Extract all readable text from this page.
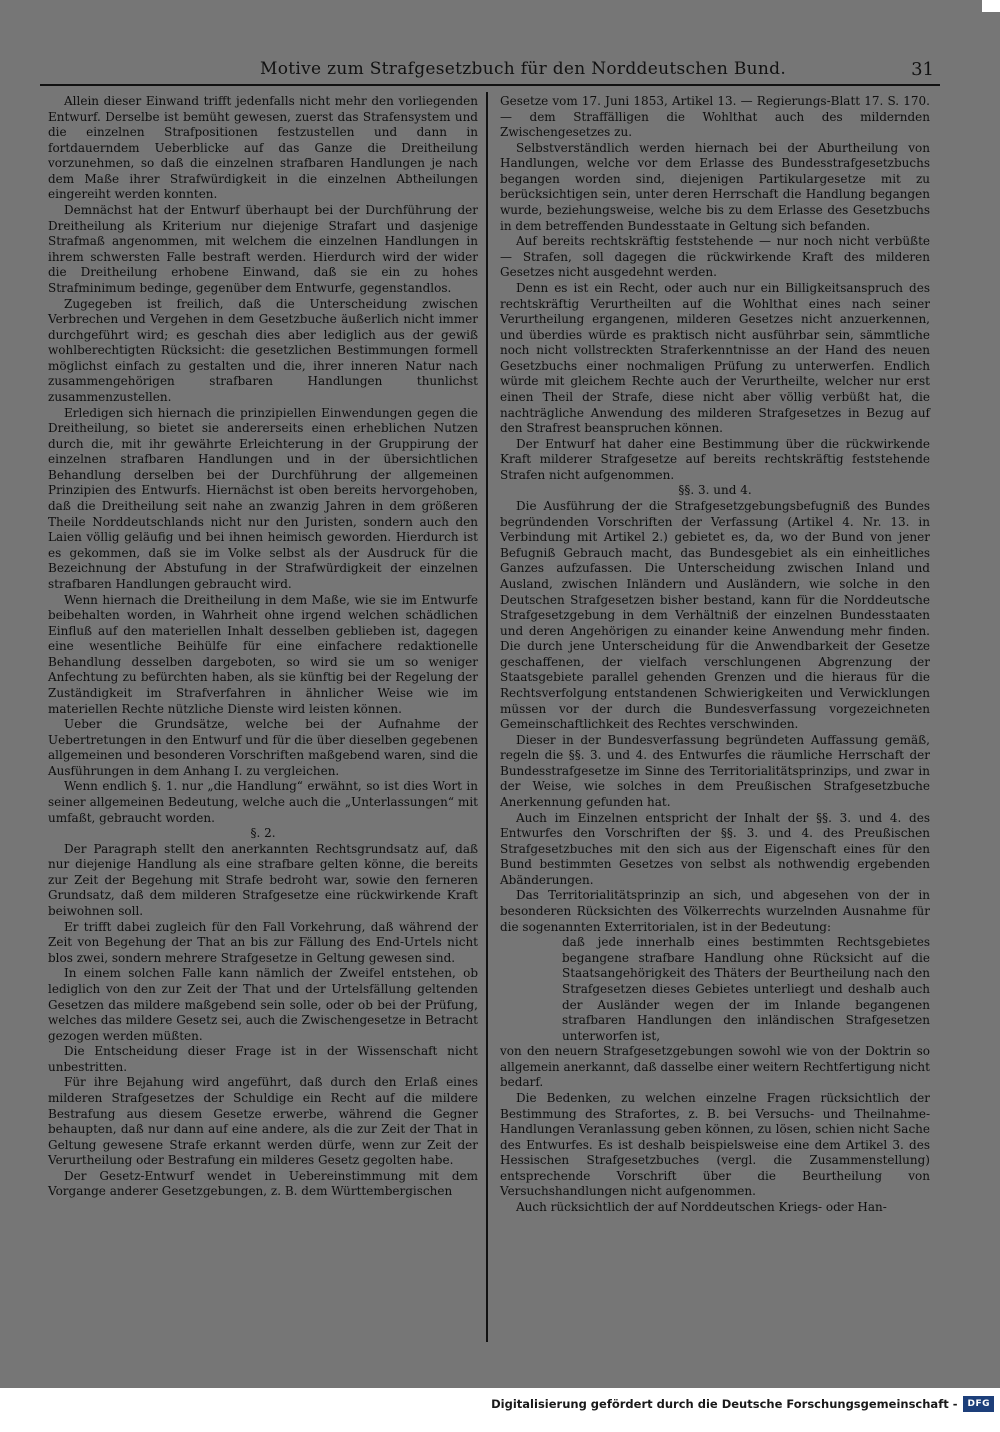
Motive zum Strafgesetzbuch für den Norddeutschen Bund.	31

Allein dieser Einwand trifft jedenfalls nicht mehr den vorliegenden Entwurf. Derselbe ist bemüht gewesen, zuerst das Strafensystem und die einzelnen Strafpositionen festzustellen und dann in fortdauerndem Ueberblicke auf das Ganze die Dreitheilung vorzunehmen, so daß die einzelnen strafbaren Handlungen je nach dem Maße ihrer Strafwürdigkeit in die einzelnen Abtheilungen eingereiht werden konnten.

Demnächst hat der Entwurf überhaupt bei der Durchführung der Dreitheilung als Kriterium nur diejenige Strafart und dasjenige Strafmaß angenommen, mit welchem die einzelnen Handlungen in ihrem schwersten Falle bestraft werden. Hierdurch wird der wider die Dreitheilung erhobene Einwand, daß sie ein zu hohes Strafminimum bedinge, gegenüber dem Entwurfe, gegenstandlos.

Zugegeben ist freilich, daß die Unterscheidung zwischen Verbrechen und Vergehen in dem Gesetzbuche äußerlich nicht immer durchgeführt wird; es geschah dies aber lediglich aus der gewiß wohlberechtigten Rücksicht: die gesetzlichen Bestimmungen formell möglichst einfach zu gestalten und die, ihrer inneren Natur nach zusammengehörigen strafbaren Handlungen thunlichst zusammenzustellen.

Erledigen sich hiernach die prinzipiellen Einwendungen gegen die Dreitheilung, so bietet sie andererseits einen erheblichen Nutzen durch die, mit ihr gewährte Erleichterung in der Gruppirung der einzelnen strafbaren Handlungen und in der übersichtlichen Behandlung derselben bei der Durchführung der allgemeinen Prinzipien des Entwurfs. Hiernächst ist oben bereits hervorgehoben, daß die Dreitheilung seit nahe an zwanzig Jahren in dem größeren Theile Norddeutschlands nicht nur den Juristen, sondern auch den Laien völlig geläufig und bei ihnen heimisch geworden. Hierdurch ist es gekommen, daß sie im Volke selbst als der Ausdruck für die Bezeichnung der Abstufung in der Strafwürdigkeit der einzelnen strafbaren Handlungen gebraucht wird.

Wenn hiernach die Dreitheilung in dem Maße, wie sie im Entwurfe beibehalten worden, in Wahrheit ohne irgend welchen schädlichen Einfluß auf den materiellen Inhalt desselben geblieben ist, dagegen eine wesentliche Beihülfe für eine einfachere redaktionelle Behandlung desselben dargeboten, so wird sie um so weniger Anfechtung zu befürchten haben, als sie künftig bei der Regelung der Zuständigkeit im Strafverfahren in ähnlicher Weise wie im materiellen Rechte nützliche Dienste wird leisten können.

Ueber die Grundsätze, welche bei der Aufnahme der Uebertretungen in den Entwurf und für die über dieselben gegebenen allgemeinen und besonderen Vorschriften maßgebend waren, sind die Ausführungen in dem Anhang I. zu vergleichen.

Wenn endlich §. 1. nur „die Handlung“ erwähnt, so ist dies Wort in seiner allgemeinen Bedeutung, welche auch die „Unterlassungen“ mit umfaßt, gebraucht worden.

§. 2.

Der Paragraph stellt den anerkannten Rechtsgrundsatz auf, daß nur diejenige Handlung als eine strafbare gelten könne, die bereits zur Zeit der Begehung mit Strafe bedroht war, sowie den ferneren Grundsatz, daß dem milderen Strafgesetze eine rückwirkende Kraft beiwohnen soll.

Er trifft dabei zugleich für den Fall Vorkehrung, daß während der Zeit von Begehung der That an bis zur Fällung des End-Urtels nicht blos zwei, sondern mehrere Strafgesetze in Geltung gewesen sind.

In einem solchen Falle kann nämlich der Zweifel entstehen, ob lediglich von den zur Zeit der That und der Urtelsfällung geltenden Gesetzen das mildere maßgebend sein solle, oder ob bei der Prüfung, welches das mildere Gesetz sei, auch die Zwischengesetze in Betracht gezogen werden müßten.

Die Entscheidung dieser Frage ist in der Wissenschaft nicht unbestritten.

Für ihre Bejahung wird angeführt, daß durch den Erlaß eines milderen Strafgesetzes der Schuldige ein Recht auf die mildere Bestrafung aus diesem Gesetze erwerbe, während die Gegner behaupten, daß nur dann auf eine andere, als die zur Zeit der That in Geltung gewesene Strafe erkannt werden dürfe, wenn zur Zeit der Verurtheilung oder Bestrafung ein milderes Gesetz gegolten habe.

Der Gesetz-Entwurf wendet in Uebereinstimmung mit dem Vorgange anderer Gesetzgebungen, z. B. dem Württembergischen

Gesetze vom 17. Juni 1853, Artikel 13. — Regierungs-Blatt 17. S. 170. — dem Straffälligen die Wohlthat auch des mildernden Zwischengesetzes zu.

Selbstverständlich werden hiernach bei der Aburtheilung von Handlungen, welche vor dem Erlasse des Bundesstrafgesetzbuchs begangen worden sind, diejenigen Partikulargesetze mit zu berücksichtigen sein, unter deren Herrschaft die Handlung begangen wurde, beziehungsweise, welche bis zu dem Erlasse des Gesetzbuchs in dem betreffenden Bundesstaate in Geltung sich befanden.

Auf bereits rechtskräftig feststehende — nur noch nicht verbüßte — Strafen, soll dagegen die rückwirkende Kraft des milderen Gesetzes nicht ausgedehnt werden.

Denn es ist ein Recht, oder auch nur ein Billigkeitsanspruch des rechtskräftig Verurtheilten auf die Wohlthat eines nach seiner Verurtheilung ergangenen, milderen Gesetzes nicht anzuerkennen, und überdies würde es praktisch nicht ausführbar sein, sämmtliche noch nicht vollstreckten Straferkenntnisse an der Hand des neuen Gesetzbuchs einer nochmaligen Prüfung zu unterwerfen. Endlich würde mit gleichem Rechte auch der Verurtheilte, welcher nur erst einen Theil der Strafe, diese nicht aber völlig verbüßt hat, die nachträgliche Anwendung des milderen Strafgesetzes in Bezug auf den Strafrest beanspruchen können.

Der Entwurf hat daher eine Bestimmung über die rückwirkende Kraft milderer Strafgesetze auf bereits rechtskräftig feststehende Strafen nicht aufgenommen.

§§. 3. und 4.

Die Ausführung der die Strafgesetzgebungsbefugniß des Bundes begründenden Vorschriften der Verfassung (Artikel 4. Nr. 13. in Verbindung mit Artikel 2.) gebietet es, da, wo der Bund von jener Befugniß Gebrauch macht, das Bundesgebiet als ein einheitliches Ganzes aufzufassen. Die Unterscheidung zwischen Inland und Ausland, zwischen Inländern und Ausländern, wie solche in den Deutschen Strafgesetzen bisher bestand, kann für die Norddeutsche Strafgesetzgebung in dem Verhältniß der einzelnen Bundesstaaten und deren Angehörigen zu einander keine Anwendung mehr finden. Die durch jene Unterscheidung für die Anwendbarkeit der Gesetze geschaffenen, der vielfach verschlungenen Abgrenzung der Staatsgebiete parallel gehenden Grenzen und die hieraus für die Rechtsverfolgung entstandenen Schwierigkeiten und Verwicklungen müssen vor der durch die Bundesverfassung vorgezeichneten Gemeinschaftlichkeit des Rechtes verschwinden.

Dieser in der Bundesverfassung begründeten Auffassung gemäß, regeln die §§. 3. und 4. des Entwurfes die räumliche Herrschaft der Bundesstrafgesetze im Sinne des Territorialitätsprinzips, und zwar in der Weise, wie solches in dem Preußischen Strafgesetzbuche Anerkennung gefunden hat.

Auch im Einzelnen entspricht der Inhalt der §§. 3. und 4. des Entwurfes den Vorschriften der §§. 3. und 4. des Preußischen Strafgesetzbuches mit den sich aus der Eigenschaft eines für den Bund bestimmten Gesetzes von selbst als nothwendig ergebenden Abänderungen.

Das Territorialitätsprinzip an sich, und abgesehen von der in besonderen Rücksichten des Völkerrechts wurzelnden Ausnahme für die sogenannten Exterritorialen, ist in der Bedeutung:

daß jede innerhalb eines bestimmten Rechtsgebietes begangene strafbare Handlung ohne Rücksicht auf die Staatsangehörigkeit des Thäters der Beurtheilung nach den Strafgesetzen dieses Gebietes unterliegt und deshalb auch der Ausländer wegen der im Inlande begangenen strafbaren Handlungen den inländischen Strafgesetzen unterworfen ist,

von den neuern Strafgesetzgebungen sowohl wie von der Doktrin so allgemein anerkannt, daß dasselbe einer weitern Rechtfertigung nicht bedarf.

Die Bedenken, zu welchen einzelne Fragen rücksichtlich der Bestimmung des Strafortes, z. B. bei Versuchs- und Theilnahme-Handlungen Veranlassung geben können, zu lösen, schien nicht Sache des Entwurfes. Es ist deshalb beispielsweise eine dem Artikel 3. des Hessischen Strafgesetzbuches (vergl. die Zusammenstellung) entsprechende Vorschrift über die Beurtheilung von Versuchshandlungen nicht aufgenommen.

Auch rücksichtlich der auf Norddeutschen Kriegs- oder Han-

Digitalisierung gefördert durch die Deutsche Forschungsgemeinschaft -	DFG
